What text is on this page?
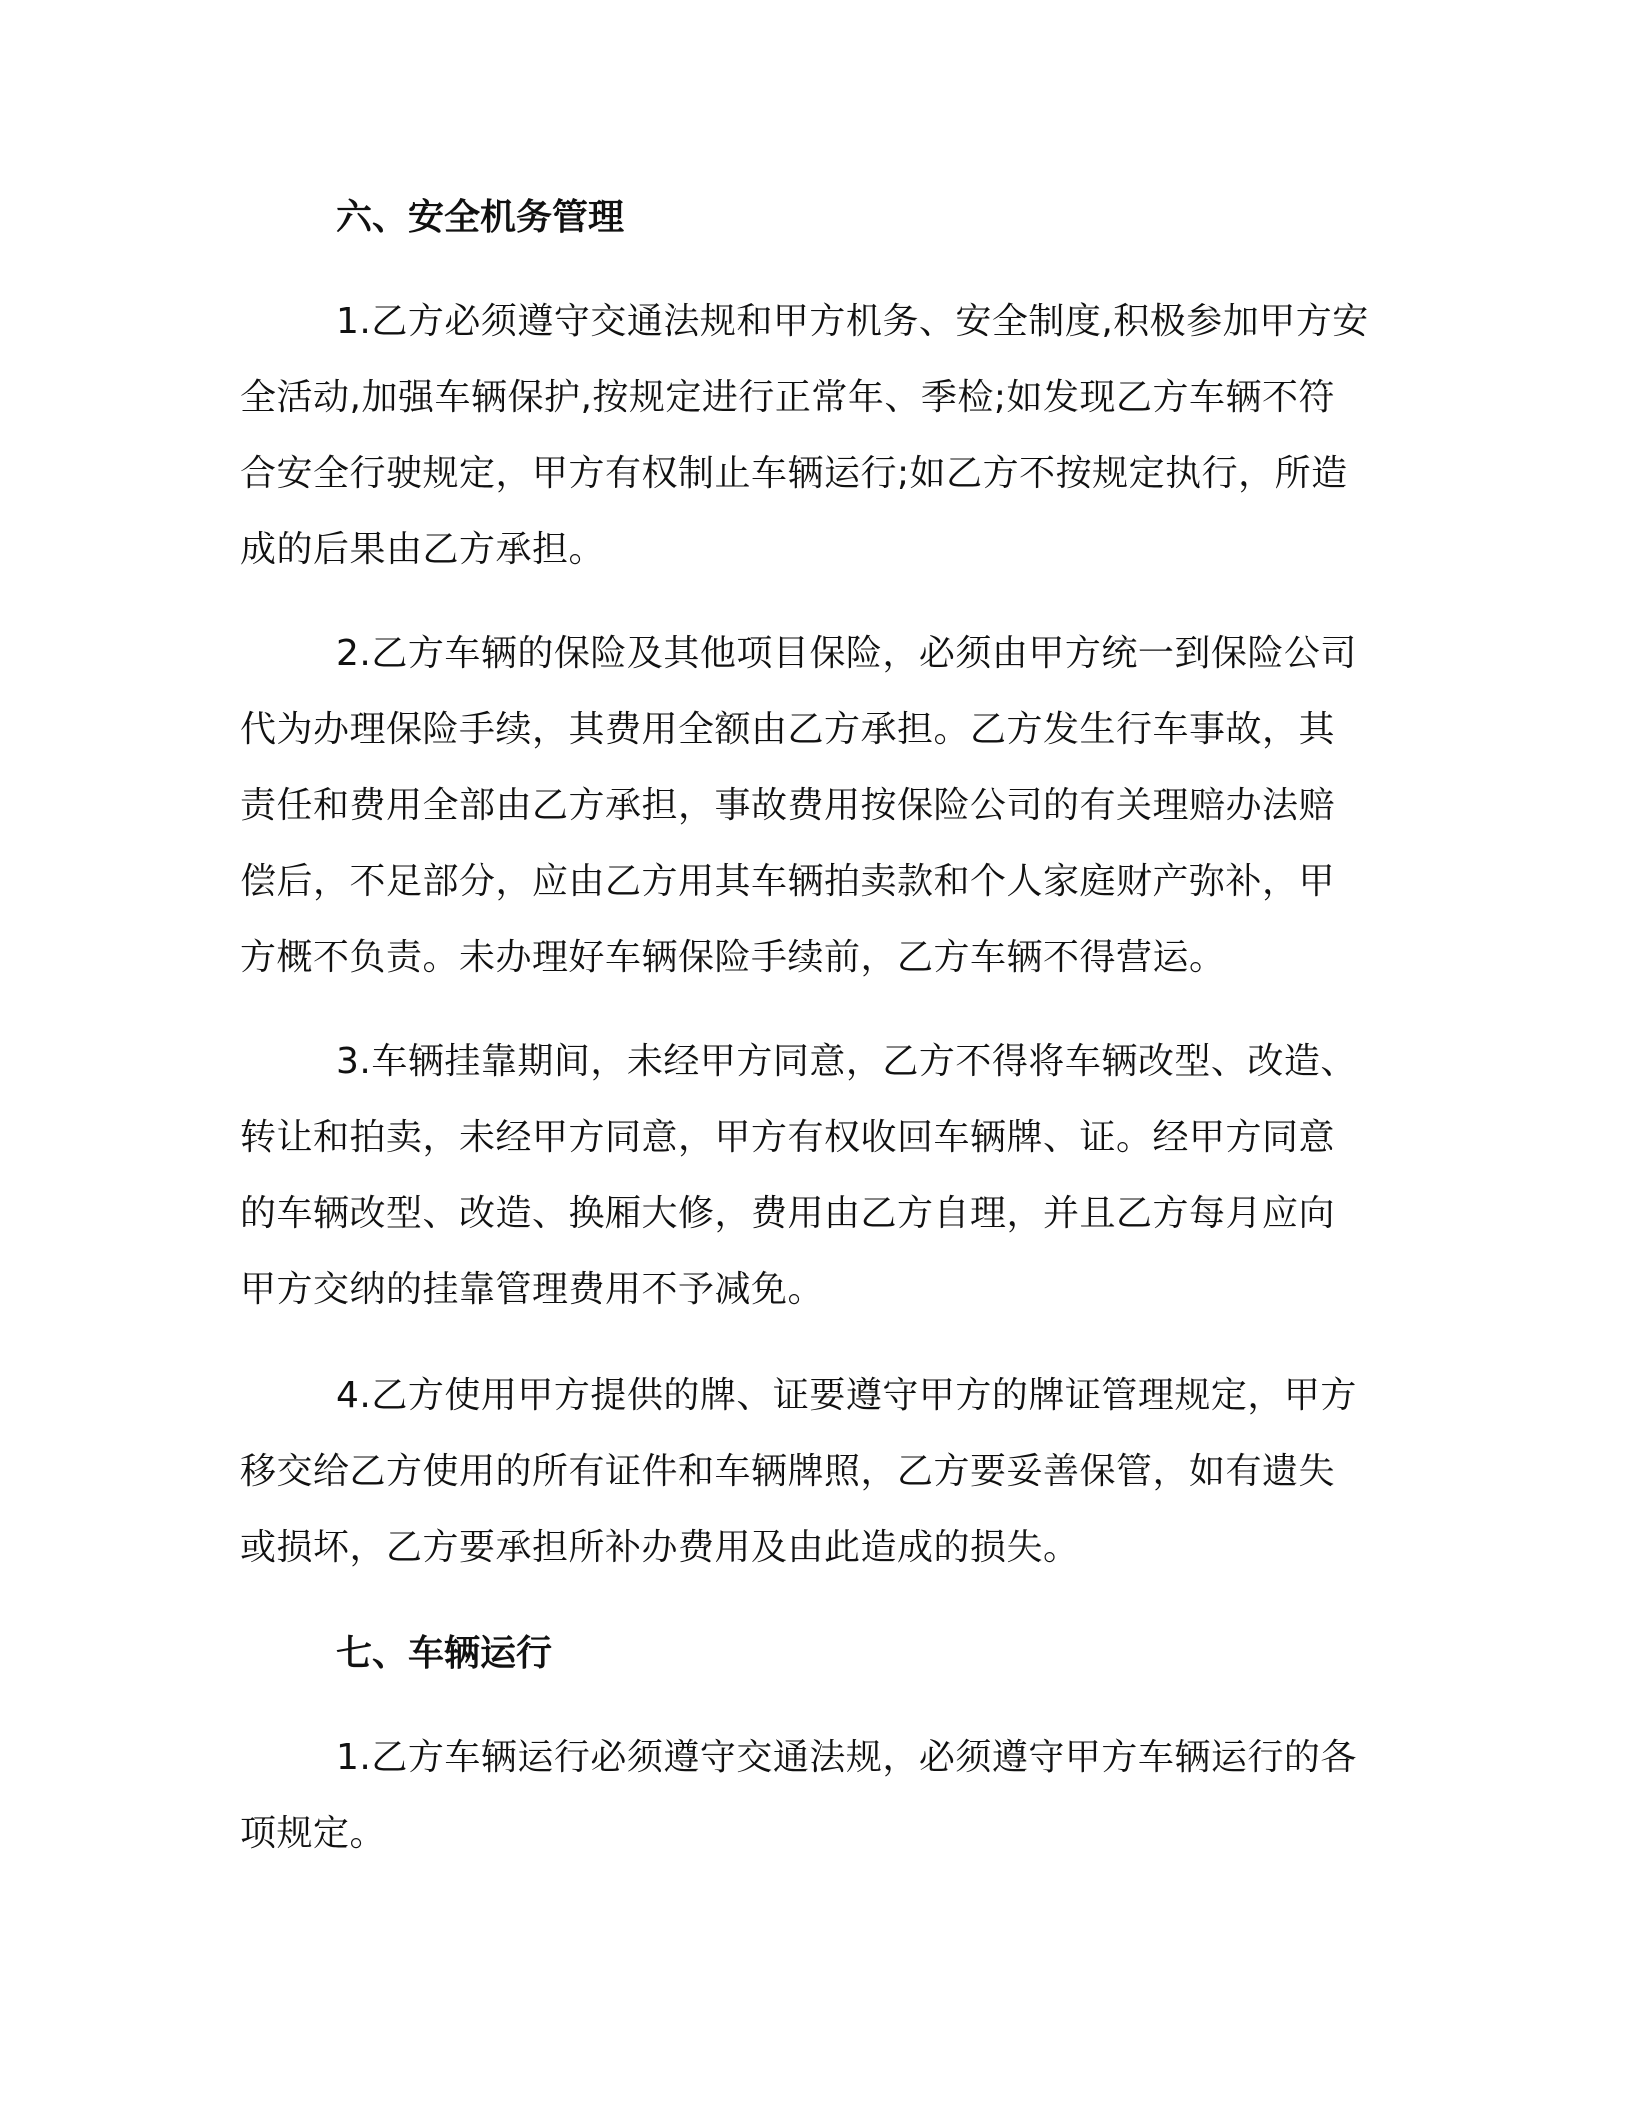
六、安全机务管理

1.乙方必须遵守交通法规和甲方机务、安全制度,积极参加甲方安
全活动,加强车辆保护,按规定进行正常年、季检;如发现乙方车辆不符
合安全行驶规定，甲方有权制止车辆运行;如乙方不按规定执行，所造
成的后果由乙方承担。

2.乙方车辆的保险及其他项目保险，必须由甲方统一到保险公司
代为办理保险手续，其费用全额由乙方承担。乙方发生行车事故，其
责任和费用全部由乙方承担，事故费用按保险公司的有关理赔办法赔
偿后，不足部分，应由乙方用其车辆拍卖款和个人家庭财产弥补，甲
方概不负责。未办理好车辆保险手续前，乙方车辆不得营运。

3.车辆挂靠期间，未经甲方同意，乙方不得将车辆改型、改造、
转让和拍卖，未经甲方同意，甲方有权收回车辆牌、证。经甲方同意
的车辆改型、改造、换厢大修，费用由乙方自理，并且乙方每月应向
甲方交纳的挂靠管理费用不予减免。

4.乙方使用甲方提供的牌、证要遵守甲方的牌证管理规定，甲方
移交给乙方使用的所有证件和车辆牌照，乙方要妥善保管，如有遗失
或损坏，乙方要承担所补办费用及由此造成的损失。

七、车辆运行

1.乙方车辆运行必须遵守交通法规，必须遵守甲方车辆运行的各
项规定。
